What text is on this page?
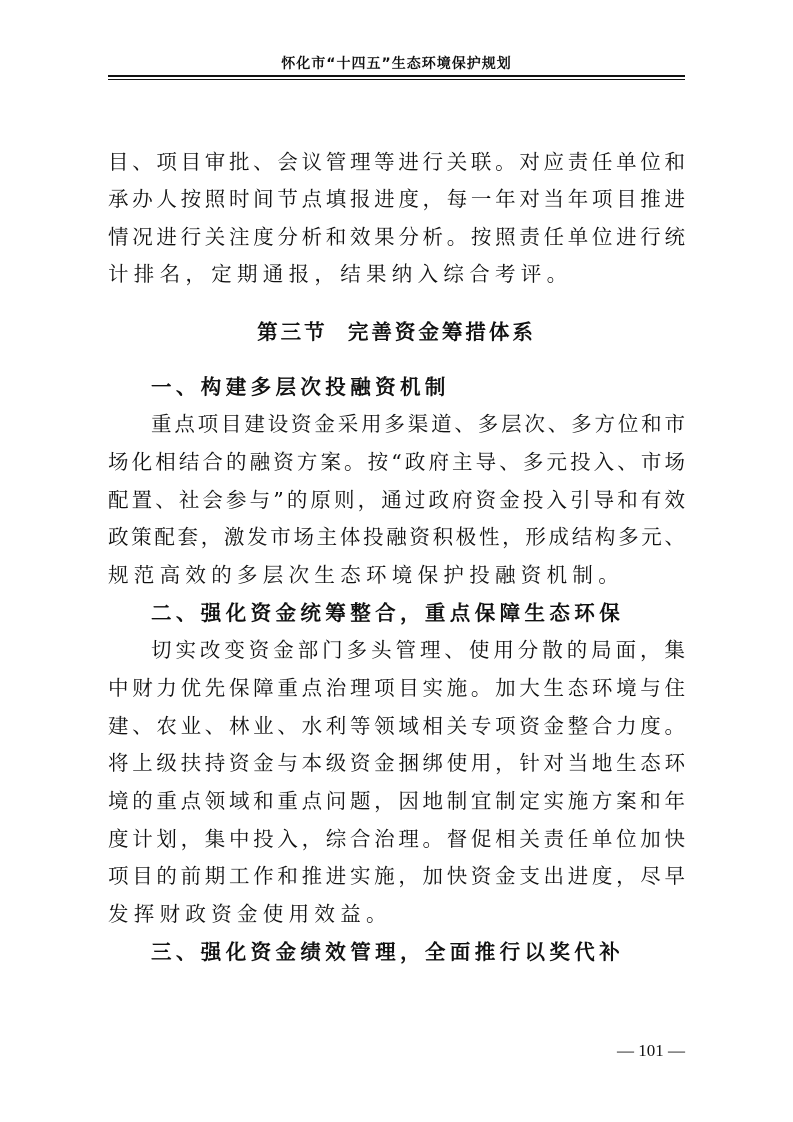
怀化市“十四五”生态环境保护规划
目、项目审批、会议管理等进行关联。对应责任单位和
承办人按照时间节点填报进度，每一年对当年项目推进
情况进行关注度分析和效果分析。按照责任单位进行统
计排名，定期通报，结果纳入综合考评。
第三节  完善资金筹措体系
一、构建多层次投融资机制
重点项目建设资金采用多渠道、多层次、多方位和市
场化相结合的融资方案。按“政府主导、多元投入、市场
配置、社会参与”的原则，通过政府资金投入引导和有效
政策配套，激发市场主体投融资积极性，形成结构多元、
规范高效的多层次生态环境保护投融资机制。
二、强化资金统筹整合，重点保障生态环保
切实改变资金部门多头管理、使用分散的局面，集
中财力优先保障重点治理项目实施。加大生态环境与住
建、农业、林业、水利等领域相关专项资金整合力度。
将上级扶持资金与本级资金捆绑使用，针对当地生态环
境的重点领域和重点问题，因地制宜制定实施方案和年
度计划，集中投入，综合治理。督促相关责任单位加快
项目的前期工作和推进实施，加快资金支出进度，尽早
发挥财政资金使用效益。
三、强化资金绩效管理，全面推行以奖代补
— 101 —
